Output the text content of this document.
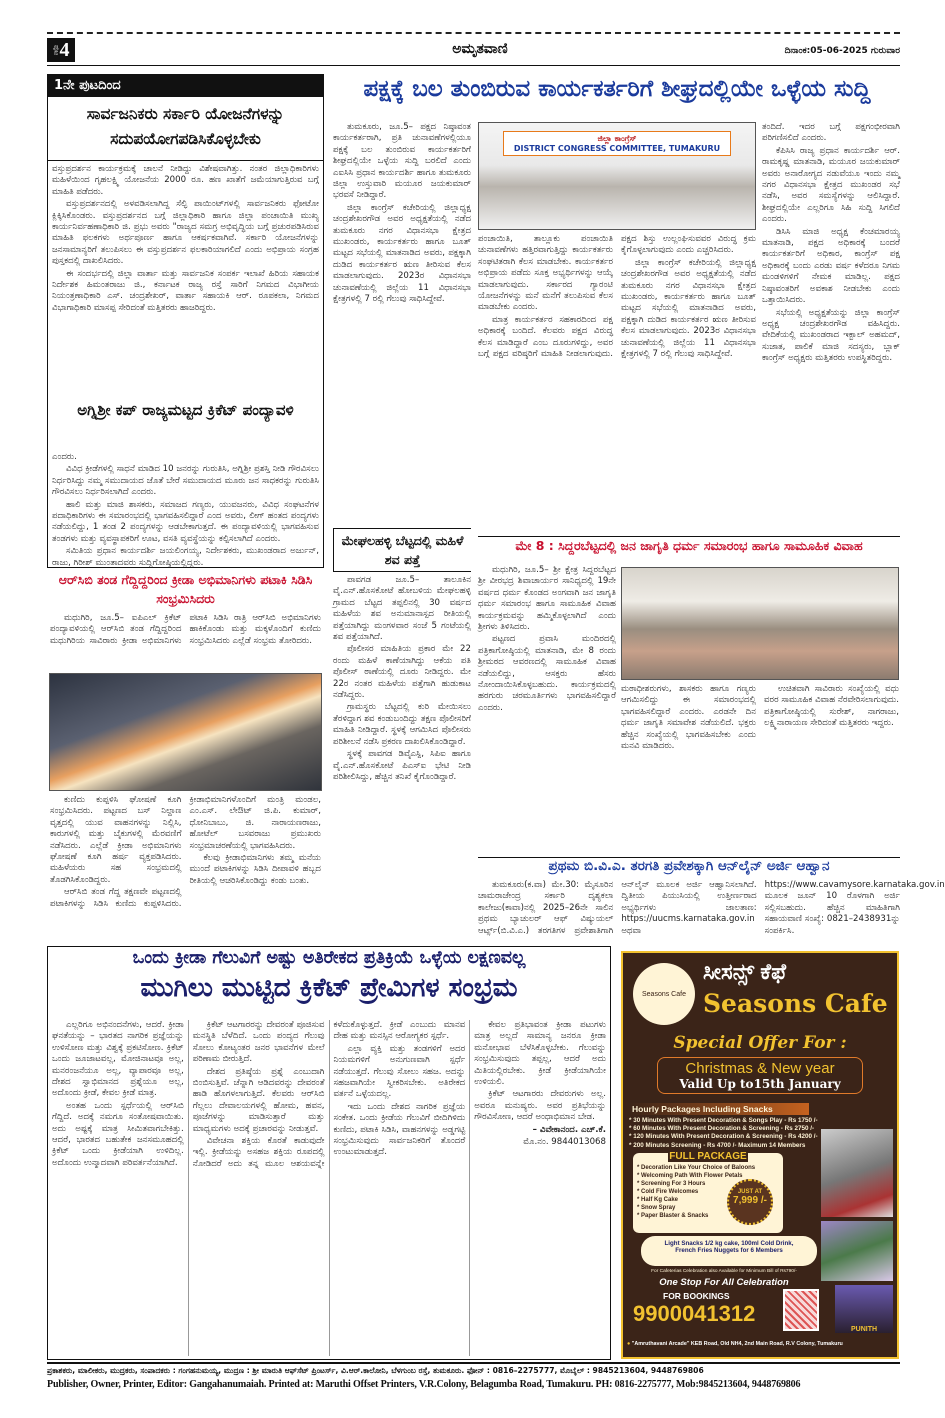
ಪುಟ 4	ಅಮೃತವಾಣಿ	ದಿನಾಂಕ:05-06-2025 ಗುರುವಾರ
1ನೇ ಪುಟದಿಂದ
ಸಾರ್ವಜನಿಕರು ಸರ್ಕಾರಿ ಯೋಜನೆಗಳನ್ನು ಸದುಪಯೋಗಪಡಿಸಿಕೊಳ್ಳಬೇಕು

ವಸ್ತುಪ್ರದರ್ಶನ ಕಾರ್ಯಕ್ರಮಕ್ಕೆ ಚಾಲನೆ ನೀಡಿದ್ದು ವಿಶೇಷವಾಗಿತ್ತು. ನಂತರ ಜಿಲ್ಲಾಧಿಕಾರಿಗಳು ಮಹಿಳೆಯಿಂದ ಗೃಹಲಕ್ಷ್ಮಿ ಯೋಜನೆಯ 2000 ರೂ. ಹಣ ಖಾತೆಗೆ ಜಮೆಯಾಗುತ್ತಿರುವ ಬಗ್ಗೆ ಮಾಹಿತಿ ಪಡೆದರು.

ವಸ್ತುಪ್ರದರ್ಶನದಲ್ಲಿ ಅಳವಡಿಸಲಾಗಿದ್ದ ಸೆಲ್ಫಿ ಪಾಯಿಂಟ್‌ಗಳಲ್ಲಿ ಸಾರ್ವಜನಿಕರು ಫೋಟೋ ಕ್ಲಿಕ್ಕಿಸಿಕೊಂಡರು. ವಸ್ತುಪ್ರದರ್ಶನದ ಬಗ್ಗೆ ಜಿಲ್ಲಾಧಿಕಾರಿ ಹಾಗೂ ಜಿಲ್ಲಾ ಪಂಚಾಯಿತಿ ಮುಖ್ಯ ಕಾರ್ಯನಿರ್ವಹಣಾಧಿಕಾರಿ ಜಿ. ಪ್ರಭು ಅವರು "ರಾಜ್ಯದ ಸಮಗ್ರ ಅಭಿವೃದ್ಧಿಯ ಬಗ್ಗೆ ಪ್ರಚುರಪಡಿಸಿರುವ ಮಾಹಿತಿ ಫಲಕಗಳು ಅರ್ಥಪೂರ್ಣ ಹಾಗೂ ಆಕರ್ಷಕವಾಗಿವೆ. ಸರ್ಕಾರಿ ಯೋಜನೆಗಳನ್ನು ಜನಸಾಮಾನ್ಯರಿಗೆ ತಲುಪಿಸಲು ಈ ವಸ್ತುಪ್ರದರ್ಶನ ಫಲಕಾರಿಯಾಗಲಿದೆ ಎಂದು ಅಭಿಪ್ರಾಯ ಸಂಗ್ರಹ ಪುಸ್ತಕದಲ್ಲಿ ದಾಖಲಿಸಿದರು.

ಈ ಸಂದರ್ಭದಲ್ಲಿ ಜಿಲ್ಲಾ ವಾರ್ತಾ ಮತ್ತು ಸಾರ್ವಜನಿಕ ಸಂಪರ್ಕ ಇಲಾಖೆ ಹಿರಿಯ ಸಹಾಯಕ ನಿರ್ದೇಶಕ ಹಿಮಂತರಾಜು ಜಿ., ಕರ್ನಾಟಕ ರಾಜ್ಯ ರಸ್ತೆ ಸಾರಿಗೆ ನಿಗಮದ ವಿಭಾಗೀಯ ನಿಯಂತ್ರಣಾಧಿಕಾರಿ ಎಸ್. ಚಂದ್ರಶೇಖರ್, ವಾರ್ತಾ ಸಹಾಯಕಿ ಆರ್. ರೂಪಕಲಾ, ನಿಗಮದ ವಿಭಾಗಾಧಿಕಾರಿ ಮಾಸಪ್ಪ ಸೇರಿದಂತೆ ಮತ್ತಿತರರು ಹಾಜರಿದ್ದರು.

ಅಗ್ನಿಶ್ರೀ ಕಪ್ ರಾಜ್ಯಮಟ್ಟದ ಕ್ರಿಕೆಟ್ ಪಂದ್ಯಾವಳಿ

ಎಂದರು.

ವಿವಿಧ ಕ್ರೀಡೆಗಳಲ್ಲಿ ಸಾಧನೆ ಮಾಡಿದ 10 ಜನರನ್ನು ಗುರುತಿಸಿ, ಅಗ್ನಿಶ್ರೀ ಪ್ರಶಸ್ತಿ ನೀಡಿ ಗೌರವಿಸಲು ನಿರ್ಧರಿಸಿದ್ದು ನಮ್ಮ ಸಮುದಾಯದ ಜೊತೆ ಬೇರೆ ಸಮುದಾಯದ ಮೂರು ಜನ ಸಾಧಕರನ್ನು ಗುರುತಿಸಿ ಗೌರವಿಸಲು ನಿರ್ಧರಿಸಲಾಗಿದೆ ಎಂದರು.

ಹಾಲಿ ಮತ್ತು ಮಾಜಿ ಶಾಸಕರು, ಸಮಾಜದ ಗಣ್ಯರು, ಯುವಜನರು, ವಿವಿಧ ಸಂಘಟನೆಗಳ ಪದಾಧಿಕಾರಿಗಳು ಈ ಸಮಾರಂಭದಲ್ಲಿ ಭಾಗವಹಿಸಲಿದ್ದಾರೆ ಎಂದ ಅವರು, ಲೀಗ್ ಹಂತದ ಪಂದ್ಯಗಳು ನಡೆಯಲಿದ್ದು, 1 ತಂಡ 2 ಪಂದ್ಯಗಳನ್ನು ಆಡಬೇಕಾಗುತ್ತದೆ. ಈ ಪಂದ್ಯಾವಳಿಯಲ್ಲಿ ಭಾಗವಹಿಸುವ ತಂಡಗಳು ಮತ್ತು ವ್ಯವಸ್ಥಾಪಕರಿಗೆ ಊಟ, ವಸತಿ ವ್ಯವಸ್ಥೆಯನ್ನು ಕಲ್ಪಿಸಲಾಗಿದೆ ಎಂದರು.

ಸಮಿತಿಯ ಪ್ರಧಾನ ಕಾರ್ಯದರ್ಶಿ ಜಯಲಿಂಗಯ್ಯ, ನಿರ್ದೇಶಕರು, ಮುಖಂಡರಾದ ಅರ್ಜುನ್, ರಾಜು, ಗಿರೀಶ್ ಮುಂತಾದವರು ಸುದ್ದಿಗೋಷ್ಠಿಯಲ್ಲಿದ್ದರು.

ಆರ್‌ಸಿಬಿ ತಂಡ ಗೆದ್ದಿದ್ದರಿಂದ ಕ್ರೀಡಾ ಅಭಿಮಾನಿಗಳು ಪಟಾಕಿ ಸಿಡಿಸಿ ಸಂಭ್ರಮಿಸಿದರು

ಮಧುಗಿರಿ, ಜೂ.5– ಐಪಿಎಲ್ ಕ್ರಿಕೆಟ್ ಪಂದ್ಯಾವಳಿಯಲ್ಲಿ ಆರ್‌ಸಿಬಿ ತಂಡ ಗೆದ್ದಿದ್ದರಿಂದ ಮಧುಗಿರಿಯ ಸಾವಿರಾರು ಕ್ರೀಡಾ ಅಭಿಮಾನಿಗಳು ಪಟಾಕಿ ಸಿಡಿಸಿ ರಾತ್ರಿ ಆರ್‌ಸಿಬಿ ಅಭಿಮಾನಿಗಳು ಹಾಕಿಕೊಂಡು ಮತ್ತು ಮಕ್ಕಳೊಂದಿಗೆ ಕುಣಿದು ಸಂಭ್ರಮಿಸಿದರು ಎಲ್ಲೆಡೆ ಸಂಭ್ರಮ ತೋರಿದರು.

ಕುಣಿದು ಕುಪ್ಪಳಿಸಿ ಘೋಷಣೆ ಕೂಗಿ ಸಂಭ್ರಮಿಸಿದರು. ಪಟ್ಟಣದ ಬಸ್ ನಿಲ್ದಾಣ ವೃತ್ತದಲ್ಲಿ ಯುವ ವಾಹನಗಳನ್ನು ನಿಲ್ಲಿಸಿ, ಕಾರುಗಳಲ್ಲಿ ಮತ್ತು ಬೈಕುಗಳಲ್ಲಿ ಮೆರವಣಿಗೆ ನಡೆಸಿದರು. ಎಲ್ಲೆಡೆ ಕ್ರೀಡಾ ಅಭಿಮಾನಿಗಳು ಘೋಷಣೆ ಕೂಗಿ ಹರ್ಷ ವ್ಯಕ್ತಪಡಿಸಿದರು. ಮಹಿಳೆಯರು ಸಹ ಸಂಭ್ರಮದಲ್ಲಿ ತೊಡಗಿಸಿಕೊಂಡಿದ್ದರು.

ಆರ್‌ಸಿಬಿ ತಂಡ ಗೆದ್ದ ತಕ್ಷಣವೇ ಪಟ್ಟಣದಲ್ಲಿ ಪಟಾಕಿಗಳನ್ನು ಸಿಡಿಸಿ ಕುಣಿದು ಕುಪ್ಪಳಿಸಿದರು. ಕ್ರೀಡಾಭಿಮಾನಿಗಳೊಂದಿಗೆ ಮಂತ್ರಿ ಮಂಡಲ, ಎಂ.ಎಸ್. ಲೇಔಟ್ ಜಿ.ಪಿ. ಕುಮಾರ್, ಧೋನಿಬಾಬು, ಜಿ. ನಾರಾಯಣರಾಜು, ಹೋಟೆಲ್ ಬಸವರಾಜು ಪ್ರಮುಖರು ಸಂಭ್ರಮಾಚರಣೆಯಲ್ಲಿ ಭಾಗವಹಿಸಿದರು.

ಕೆಲವು ಕ್ರೀಡಾಭಿಮಾನಿಗಳು ತಮ್ಮ ಮನೆಯ ಮುಂದೆ ಪಟಾಕಿಗಳನ್ನು ಸಿಡಿಸಿ ದೀಪಾವಳಿ ಹಬ್ಬದ ರೀತಿಯಲ್ಲಿ ಆಚರಿಸಿಕೊಂಡಿದ್ದು ಕಂಡು ಬಂತು.

ಪಕ್ಷಕ್ಕೆ ಬಲ ತುಂಬಿರುವ ಕಾರ್ಯಕರ್ತರಿಗೆ ಶೀಘ್ರದಲ್ಲಿಯೇ ಒಳ್ಳೆಯ ಸುದ್ದಿ

ತುಮಕೂರು, ಜೂ.5– ಪಕ್ಷದ ನಿಷ್ಠಾವಂತ ಕಾರ್ಯಕರ್ತರಾಗಿ, ಪ್ರತಿ ಚುನಾವಣೆಗಳಲ್ಲಿಯೂ ಪಕ್ಷಕ್ಕೆ ಬಲ ತುಂಬಿರುವ ಕಾರ್ಯಕರ್ತರಿಗೆ ಶೀಘ್ರದಲ್ಲಿಯೇ ಒಳ್ಳೆಯ ಸುದ್ದಿ ಬರಲಿದೆ ಎಂದು ಎಐಸಿಸಿ ಪ್ರಧಾನ ಕಾರ್ಯದರ್ಶಿ ಹಾಗೂ ತುಮಕೂರು ಜಿಲ್ಲಾ ಉಸ್ತುವಾರಿ ಮಯೂರ ಜಯಕುಮಾರ್ ಭರವಸೆ ನೀಡಿದ್ದಾರೆ.

ಜಿಲ್ಲಾ ಕಾಂಗ್ರೆಸ್ ಕಚೇರಿಯಲ್ಲಿ ಜಿಲ್ಲಾಧ್ಯಕ್ಷ ಚಂದ್ರಶೇಖರಗೌಡ ಅವರ ಅಧ್ಯಕ್ಷತೆಯಲ್ಲಿ ನಡೆದ ತುಮಕೂರು ನಗರ ವಿಧಾನಸಭಾ ಕ್ಷೇತ್ರದ ಮುಖಂಡರು, ಕಾರ್ಯಕರ್ತರು ಹಾಗೂ ಬೂತ್ ಮಟ್ಟದ ಸಭೆಯಲ್ಲಿ ಮಾತನಾಡಿದ ಅವರು, ಪಕ್ಷಕ್ಕಾಗಿ ದುಡಿದ ಕಾರ್ಯಕರ್ತರ ಋಣ ತೀರಿಸುವ ಕೆಲಸ ಮಾಡಲಾಗುವುದು. 2023ರ ವಿಧಾನಸಭಾ ಚುನಾವಣೆಯಲ್ಲಿ ಜಿಲ್ಲೆಯ 11 ವಿಧಾನಸಭಾ ಕ್ಷೇತ್ರಗಳಲ್ಲಿ 7 ರಲ್ಲಿ ಗೆಲುವು ಸಾಧಿಸಿದ್ದೇವೆ.

ಜಿಲ್ಲಾ ಕಾಂಗ್ರೆಸ್
DISTRICT CONGRESS COMMITTEE, TUMAKURU

ತಂದಿದೆ. ಇದರ ಬಗ್ಗೆ ಪಕ್ಷಗಂಭೀರವಾಗಿ ಪರಿಗಣಿಸಲಿದೆ ಎಂದರು.

ಕೆಪಿಸಿಸಿ ರಾಜ್ಯ ಪ್ರಧಾನ ಕಾರ್ಯದರ್ಶಿ ಆರ್. ರಾಮಕೃಷ್ಣ ಮಾತನಾಡಿ, ಮಯೂರ ಜಯಕುಮಾರ್ ಅವರು ಅನಾರೋಗ್ಯದ ನಡುವೆಯೂ ಇಂದು ನಮ್ಮ ನಗರ ವಿಧಾನಸಭಾ ಕ್ಷೇತ್ರದ ಮುಖಂಡರ ಸಭೆ ನಡೆಸಿ, ಅವರ ಸಮಸ್ಯೆಗಳನ್ನು ಆಲಿಸಿದ್ದಾರೆ. ಶೀಘ್ರದಲ್ಲಿಯೇ ಎಲ್ಲರಿಗೂ ಸಿಹಿ ಸುದ್ದಿ ಸಿಗಲಿದೆ ಎಂದರು.

ಡಿಸಿಸಿ ಮಾಜಿ ಅಧ್ಯಕ್ಷ ಕೆಂಚಮಾರಯ್ಯ ಮಾತನಾಡಿ, ಪಕ್ಷದ ಅಧಿಕಾರಕ್ಕೆ ಬಂದರೆ ಕಾರ್ಯಕರ್ತರಿಗೆ ಅಧಿಕಾರ, ಕಾಂಗ್ರೆಸ್ ಪಕ್ಷ ಅಧಿಕಾರಕ್ಕೆ ಬಂದು ಎರಡು ವರ್ಷ ಕಳೆದರೂ ನಿಗಮ ಮಂಡಳಿಗಳಿಗೆ ನೇಮಕ ಮಾಡಿಲ್ಲ. ಪಕ್ಷದ ನಿಷ್ಠಾವಂತರಿಗೆ ಅವಕಾಶ ನೀಡಬೇಕು ಎಂದು ಒತ್ತಾಯಿಸಿದರು.

ಸಭೆಯಲ್ಲಿ ಅಧ್ಯಕ್ಷತೆಯನ್ನು ಜಿಲ್ಲಾ ಕಾಂಗ್ರೆಸ್ ಅಧ್ಯಕ್ಷ ಚಂದ್ರಶೇಖರಗೌಡ ವಹಿಸಿದ್ದರು. ವೇದಿಕೆಯಲ್ಲಿ ಮುಖಂಡರಾದ ಇಕ್ಬಾಲ್ ಅಹಮದ್, ಸುಜಾತ, ಪಾಲಿಕೆ ಮಾಜಿ ಸದಸ್ಯರು, ಬ್ಲಾಕ್ ಕಾಂಗ್ರೆಸ್ ಅಧ್ಯಕ್ಷರು ಮತ್ತಿತರರು ಉಪಸ್ಥಿತರಿದ್ದರು.

ಪಂಚಾಯಿತಿ, ತಾಲ್ಲೂಕು ಪಂಚಾಯಿತಿ ಚುನಾವಣೆಗಳು ಹತ್ತಿರವಾಗುತ್ತಿದ್ದು ಕಾರ್ಯಕರ್ತರು ಸಂಘಟಿತರಾಗಿ ಕೆಲಸ ಮಾಡಬೇಕು. ಕಾರ್ಯಕರ್ತರ ಅಭಿಪ್ರಾಯ ಪಡೆದು ಸೂಕ್ತ ಅಭ್ಯರ್ಥಿಗಳನ್ನು ಆಯ್ಕೆ ಮಾಡಲಾಗುವುದು. ಸರ್ಕಾರದ ಗ್ಯಾರಂಟಿ ಯೋಜನೆಗಳನ್ನು ಮನೆ ಮನೆಗೆ ತಲುಪಿಸುವ ಕೆಲಸ ಮಾಡಬೇಕು ಎಂದರು.

ಮಾತ್ರ ಕಾರ್ಯಕರ್ತರ ಸಹಕಾರದಿಂದ ಪಕ್ಷ ಅಧಿಕಾರಕ್ಕೆ ಬಂದಿದೆ. ಕೆಲವರು ಪಕ್ಷದ ವಿರುದ್ಧ ಕೆಲಸ ಮಾಡಿದ್ದಾರೆ ಎಂಬ ದೂರುಗಳಿದ್ದು, ಅವರ ಬಗ್ಗೆ ಪಕ್ಷದ ವರಿಷ್ಠರಿಗೆ ಮಾಹಿತಿ ನೀಡಲಾಗುವುದು. ಪಕ್ಷದ ಶಿಸ್ತು ಉಲ್ಲಂಘಿಸುವವರ ವಿರುದ್ಧ ಕ್ರಮ ಕೈಗೊಳ್ಳಲಾಗುವುದು ಎಂದು ಎಚ್ಚರಿಸಿದರು.

ಜಿಲ್ಲಾ ಕಾಂಗ್ರೆಸ್ ಕಚೇರಿಯಲ್ಲಿ ಜಿಲ್ಲಾಧ್ಯಕ್ಷ ಚಂದ್ರಶೇಖರಗೌಡ ಅವರ ಅಧ್ಯಕ್ಷತೆಯಲ್ಲಿ ನಡೆದ ತುಮಕೂರು ನಗರ ವಿಧಾನಸಭಾ ಕ್ಷೇತ್ರದ ಮುಖಂಡರು, ಕಾರ್ಯಕರ್ತರು ಹಾಗೂ ಬೂತ್ ಮಟ್ಟದ ಸಭೆಯಲ್ಲಿ ಮಾತನಾಡಿದ ಅವರು, ಪಕ್ಷಕ್ಕಾಗಿ ದುಡಿದ ಕಾರ್ಯಕರ್ತರ ಋಣ ತೀರಿಸುವ ಕೆಲಸ ಮಾಡಲಾಗುವುದು. 2023ರ ವಿಧಾನಸಭಾ ಚುನಾವಣೆಯಲ್ಲಿ ಜಿಲ್ಲೆಯ 11 ವಿಧಾನಸಭಾ ಕ್ಷೇತ್ರಗಳಲ್ಲಿ 7 ರಲ್ಲಿ ಗೆಲುವು ಸಾಧಿಸಿದ್ದೇವೆ.

ಮೇಘಲಹಳ್ಳಿ ಬೆಟ್ಟದಲ್ಲಿ ಮಹಿಳೆ ಶವ ಪತ್ತೆ

ಪಾವಗಡ ಜೂ.5– ತಾಲೂಕಿನ ವೈ.ಎನ್.ಹೊಸಕೋಟೆ ಹೋಬಳಿಯ ಮೇಘಲಹಳ್ಳಿ ಗ್ರಾಮದ ಬೆಟ್ಟದ ತಪ್ಪಲಿನಲ್ಲಿ 30 ವರ್ಷದ ಮಹಿಳೆಯ ಶವ ಅನುಮಾನಾಸ್ಪದ ರೀತಿಯಲ್ಲಿ ಪತ್ತೆಯಾಗಿದ್ದು ಮಂಗಳವಾರ ಸಂಜೆ 5 ಗಂಟೆಯಲ್ಲಿ ಶವ ಪತ್ತೆಯಾಗಿದೆ.

ಪೊಲೀಸರ ಮಾಹಿತಿಯ ಪ್ರಕಾರ ಮೇ 22 ರಂದು ಮಹಿಳೆ ಕಾಣೆಯಾಗಿದ್ದು ಆಕೆಯ ಪತಿ ಪೊಲೀಸ್ ಠಾಣೆಯಲ್ಲಿ ದೂರು ನೀಡಿದ್ದರು. ಮೇ 22ರ ನಂತರ ಮಹಿಳೆಯ ಪತ್ತೆಗಾಗಿ ಹುಡುಕಾಟ ನಡೆಸಿದ್ದರು.

ಗ್ರಾಮಸ್ಥರು ಬೆಟ್ಟದಲ್ಲಿ ಕುರಿ ಮೇಯಿಸಲು ತೆರಳಿದ್ದಾಗ ಶವ ಕಂಡುಬಂದಿದ್ದು ತಕ್ಷಣ ಪೊಲೀಸರಿಗೆ ಮಾಹಿತಿ ನೀಡಿದ್ದಾರೆ. ಸ್ಥಳಕ್ಕೆ ಆಗಮಿಸಿದ ಪೊಲೀಸರು ಪರಿಶೀಲನೆ ನಡೆಸಿ ಪ್ರಕರಣ ದಾಖಲಿಸಿಕೊಂಡಿದ್ದಾರೆ.

ಸ್ಥಳಕ್ಕೆ ಪಾವಗಡ ಡಿವೈಎಸ್ಪಿ, ಸಿಪಿಐ ಹಾಗೂ ವೈ.ಎನ್.ಹೊಸಕೋಟೆ ಪಿಎಸ್ಐ ಭೇಟಿ ನೀಡಿ ಪರಿಶೀಲಿಸಿದ್ದು, ಹೆಚ್ಚಿನ ತನಿಖೆ ಕೈಗೊಂಡಿದ್ದಾರೆ.

ಮೇ 8 : ಸಿದ್ದರಬೆಟ್ಟದಲ್ಲಿ ಜನ ಜಾಗೃತಿ ಧರ್ಮ ಸಮಾರಂಭ ಹಾಗೂ ಸಾಮೂಹಿಕ ವಿವಾಹ

ಮಧುಗಿರಿ, ಜೂ.5– ಶ್ರೀ ಕ್ಷೇತ್ರ ಸಿದ್ದರಬೆಟ್ಟದ ಶ್ರೀ ವೀರಭದ್ರ ಶಿವಾಚಾರ್ಯರ ಸಾನಿಧ್ಯದಲ್ಲಿ 19ನೇ ವರ್ಷದ ಧರ್ಮ ಕೊಂಡದ ಅಂಗವಾಗಿ ಜನ ಜಾಗೃತಿ ಧರ್ಮ ಸಮಾರಂಭ ಹಾಗೂ ಸಾಮೂಹಿಕ ವಿವಾಹ ಕಾರ್ಯಕ್ರಮವನ್ನು ಹಮ್ಮಿಕೊಳ್ಳಲಾಗಿದೆ ಎಂದು ಶ್ರೀಗಳು ತಿಳಿಸಿದರು.

ಪಟ್ಟಣದ ಪ್ರವಾಸಿ ಮಂದಿರದಲ್ಲಿ ಪತ್ರಿಕಾಗೋಷ್ಠಿಯಲ್ಲಿ ಮಾತನಾಡಿ, ಮೇ 8 ರಂದು ಶ್ರೀಮಠದ ಆವರಣದಲ್ಲಿ ಸಾಮೂಹಿಕ ವಿವಾಹ ನಡೆಯಲಿದ್ದು, ಆಸಕ್ತರು ಹೆಸರು ನೋಂದಾಯಿಸಿಕೊಳ್ಳಬಹುದು. ಕಾರ್ಯಕ್ರಮದಲ್ಲಿ ಹರಗುರು ಚರಮೂರ್ತಿಗಳು ಭಾಗವಹಿಸಲಿದ್ದಾರೆ ಎಂದರು.

ಮಠಾಧೀಶರುಗಳು, ಶಾಸಕರು ಹಾಗೂ ಗಣ್ಯರು ಆಗಮಿಸಲಿದ್ದು ಈ ಸಮಾರಂಭದಲ್ಲಿ ಭಾಗವಹಿಸಲಿದ್ದಾರೆ ಎಂದರು. ಎರಡನೇ ದಿನ ಧರ್ಮ ಜಾಗೃತಿ ಸಮಾವೇಶ ನಡೆಯಲಿದೆ. ಭಕ್ತರು ಹೆಚ್ಚಿನ ಸಂಖ್ಯೆಯಲ್ಲಿ ಭಾಗವಹಿಸಬೇಕು ಎಂದು ಮನವಿ ಮಾಡಿದರು.

ಉಚಿತವಾಗಿ ಸಾವಿರಾರು ಸಂಖ್ಯೆಯಲ್ಲಿ ವಧು ವರರ ಸಾಮೂಹಿಕ ವಿವಾಹ ನೆರವೇರಿಸಲಾಗುವುದು. ಪತ್ರಿಕಾಗೋಷ್ಠಿಯಲ್ಲಿ ಸುರೇಶ್, ನಾಗರಾಜು, ಲಕ್ಷ್ಮಿನಾರಾಯಣ ಸೇರಿದಂತೆ ಮತ್ತಿತರರು ಇದ್ದರು.

ಪ್ರಥಮ ಬಿ.ವಿ.ಎ. ತರಗತಿ ಪ್ರವೇಶಕ್ಕಾಗಿ ಆನ್‌ಲೈನ್ ಅರ್ಜಿ ಆಹ್ವಾನ

ತುಮಕೂರು(ಕ.ವಾ) ಮೇ.30: ಮೈಸೂರಿನ ಚಾಮರಾಜೇಂದ್ರ ಸರ್ಕಾರಿ ದೃಶ್ಯಕಲಾ ಕಾಲೇಜು(ಕಾವಾ)ನಲ್ಲಿ 2025–26ನೇ ಸಾಲಿನ ಪ್ರಥಮ ಬ್ಯಾಚುಲರ್ ಆಫ್ ವಿಷ್ಯುಯಲ್ ಆರ್ಟ್ಸ್(ಬಿ.ವಿ.ಎ.) ತರಗತಿಗಳ ಪ್ರವೇಶಾತಿಗಾಗಿ ಆನ್‌ಲೈನ್ ಮೂಲಕ ಅರ್ಜಿ ಆಹ್ವಾನಿಸಲಾಗಿದೆ. ದ್ವಿತೀಯ ಪಿಯುಸಿಯಲ್ಲಿ ಉತ್ತೀರ್ಣರಾದ ಅಭ್ಯರ್ಥಿಗಳು ಜಾಲತಾಣ: https://uucms.karnataka.gov.in ಅಥವಾ https://www.cavamysore.karnataka.gov.in ಮೂಲಕ ಜೂನ್ 10 ರೊಳಗಾಗಿ ಅರ್ಜಿ ಸಲ್ಲಿಸಬಹುದು. ಹೆಚ್ಚಿನ ಮಾಹಿತಿಗಾಗಿ ಸಹಾಯವಾಣಿ ಸಂಖ್ಯೆ: 0821–2438931ನ್ನು ಸಂಪರ್ಕಿಸಿ.

ಒಂದು ಕ್ರೀಡಾ ಗೆಲುವಿಗೆ ಅಷ್ಟು ಅತಿರೇಕದ ಪ್ರತಿಕ್ರಿಯೆ ಒಳ್ಳೆಯ ಲಕ್ಷಣವಲ್ಲ
ಮುಗಿಲು ಮುಟ್ಟಿದ ಕ್ರಿಕೆಟ್ ಪ್ರೇಮಿಗಳ ಸಂಭ್ರಮ

ಎಲ್ಲರಿಗೂ ಅಭಿನಂದನೆಗಳು, ಆದರೆ. ಕ್ರೀಡಾ ಘನತೆಯನ್ನು – ಭಾರತದ ನಾಗರಿಕ ಪ್ರಜ್ಞೆಯನ್ನು ಉಳಿಸೋಣ ಮತ್ತು ವಿಶ್ವಕ್ಕೆ ಪ್ರಕಟಿಸೋಣ. ಕ್ರಿಕೆಟ್ ಒಂದು ಜೂಜಾಟವಲ್ಲ, ಮೋಜಿನಾಟವೂ ಅಲ್ಲ, ಮನರಂಜನೆಯೂ ಅಲ್ಲ, ವ್ಯಾಪಾರವೂ ಅಲ್ಲ, ದೇಶದ ಸ್ವಾಭಿಮಾನದ ಪ್ರಶ್ನೆಯೂ ಅಲ್ಲ, ಅದೊಂದು ಕ್ರೀಡೆ, ಕೇವಲ ಕ್ರೀಡೆ ಮಾತ್ರ.

ಅಂತಹ ಒಂದು ಸ್ಪರ್ಧೆಯಲ್ಲಿ ಆರ್‌ಸಿಬಿ ಗೆದ್ದಿದೆ. ಅದಕ್ಕೆ ನಮಗೂ ಸಂತೋಷವಾಯಿತು. ಅದು ಅಷ್ಟಕ್ಕೆ ಮಾತ್ರ ಸೀಮಿತವಾಗಬೇಕಿತ್ತು. ಆದರೆ, ಭಾರತದ ಬಹುತೇಕ ಜನಸಮೂಹದಲ್ಲಿ ಕ್ರಿಕೆಟ್ ಒಂದು ಕ್ರೀಡೆಯಾಗಿ ಉಳಿದಿಲ್ಲ. ಅದೊಂದು ಉನ್ಮಾದವಾಗಿ ಪರಿವರ್ತನೆಯಾಗಿದೆ.

ಕ್ರಿಕೆಟ್ ಆಟಗಾರರನ್ನು ದೇವರಂತೆ ಪೂಜಿಸುವ ಮನಸ್ಥಿತಿ ಬೆಳೆದಿದೆ. ಒಂದು ಪಂದ್ಯದ ಗೆಲುವು ಸೋಲು ಕೋಟ್ಯಂತರ ಜನರ ಭಾವನೆಗಳ ಮೇಲೆ ಪರಿಣಾಮ ಬೀರುತ್ತಿದೆ.

ದೇಶದ ಪ್ರತಿಷ್ಠೆಯ ಪ್ರಶ್ನೆ ಎಂಬುದಾಗಿ ಬಿಂಬಿಸುತ್ತಿವೆ. ಚೆನ್ನಾಗಿ ಆಡಿದವರನ್ನು ದೇವರಂತೆ ಹಾಡಿ ಹೊಗಳಲಾಗುತ್ತಿದೆ. ಕೆಲವರು ಆರ್‌ಸಿಬಿ ಗೆಲ್ಲಲು ದೇವಾಲಯಗಳಲ್ಲಿ ಹೋಮ, ಹವನ, ಪೂಜೆಗಳನ್ನು ಮಾಡಿಸುತ್ತಾರೆ ಮತ್ತು ಮಾಧ್ಯಮಗಳು ಅದಕ್ಕೆ ಪ್ರಚಾರವನ್ನು ನೀಡುತ್ತವೆ.

ವಿವೇಚನಾ ಶಕ್ತಿಯ ಕೊರತೆ ಕಾಡುವುದೇ ಇಲ್ಲಿ. ಕ್ರೀಡೆಯನ್ನು ಅಸಹಜ ಶಕ್ತಿಯ ರೂಪದಲ್ಲಿ ನೋಡಿದರೆ ಅದು ತನ್ನ ಮೂಲ ಆಶಯವನ್ನೇ ಕಳೆದುಕೊಳ್ಳುತ್ತದೆ. ಕ್ರೀಡೆ ಎಂಬುದು ಮಾನವ ದೇಹ ಮತ್ತು ಮನಸ್ಸಿನ ಆರೋಗ್ಯಕರ ಸ್ಪರ್ಧೆ.

ಎಲ್ಲಾ ವ್ಯಕ್ತಿ ಮತ್ತು ತಂಡಗಳಿಗೆ ಅದರ ನಿಯಮಗಳಿಗೆ ಅನುಗುಣವಾಗಿ ಸ್ಪರ್ಧೆ ನಡೆಯುತ್ತದೆ. ಗೆಲುವು ಸೋಲು ಸಹಜ. ಅದನ್ನು ಸಹಜವಾಗಿಯೇ ಸ್ವೀಕರಿಸಬೇಕು. ಅತಿರೇಕದ ವರ್ತನೆ ಒಳ್ಳೆಯದಲ್ಲ.

ಇದು ಒಂದು ದೇಶದ ನಾಗರಿಕ ಪ್ರಜ್ಞೆಯ ಸಂಕೇತ. ಒಂದು ಕ್ರೀಡೆಯ ಗೆಲುವಿಗೆ ಬೀದಿಗಿಳಿದು ಕುಣಿದು, ಪಟಾಕಿ ಸಿಡಿಸಿ, ವಾಹನಗಳನ್ನು ಅಡ್ಡಗಟ್ಟಿ ಸಂಭ್ರಮಿಸುವುದು ಸಾರ್ವಜನಿಕರಿಗೆ ತೊಂದರೆ ಉಂಟುಮಾಡುತ್ತದೆ.

ಕೇವಲ ಪ್ರತಿಭಾವಂತ ಕ್ರೀಡಾ ಪಟುಗಳು ಮಾತ್ರ ಅಲ್ಲದೆ ಸಾಮಾನ್ಯ ಜನರೂ ಕ್ರೀಡಾ ಮನೋಭಾವ ಬೆಳೆಸಿಕೊಳ್ಳಬೇಕು. ಗೆಲುವನ್ನು ಸಂಭ್ರಮಿಸುವುದು ತಪ್ಪಲ್ಲ, ಆದರೆ ಅದು ಮಿತಿಯಲ್ಲಿರಬೇಕು. ಕ್ರೀಡೆ ಕ್ರೀಡೆಯಾಗಿಯೇ ಉಳಿಯಲಿ.

ಕ್ರಿಕೆಟ್ ಆಟಗಾರರು ದೇವರುಗಳು ಅಲ್ಲ. ಅವರೂ ಮನುಷ್ಯರು. ಅವರ ಪ್ರತಿಭೆಯನ್ನು ಗೌರವಿಸೋಣ, ಆದರೆ ಅಂಧಾಭಿಮಾನ ಬೇಡ.

– ವಿವೇಕಾನಂದ. ಎಚ್.ಕೆ.

ಮೊ.ನಂ. 9844013068

Seasons Cafe
ಸೀಸನ್ಸ್ ಕೆಫೆ
Seasons Cafe
Special Offer For :
Christmas & New year
Valid Up to15th January
Hourly Packages Including Snacks
* 30 Minutes With Present Decoration & Songs Play - Rs 1750 /-
* 60 Minutes With Present Decoration & Screening - Rs 2750 /-
* 120 Minutes With Present Decoration & Screening - Rs 4200 /-
* 200 Minutes Screening - Rs 4700 /- Maximum 14 Members
FULL PACKAGE
* Decoration Like Your Choice of Baloons
* Welcoming Path With Flower Petals
* Screening For 3 Hours
* Cold Fire Welcomes
* Half Kg Cake
* Snow Spray
* Paper Blaster & Snacks
JUST AT
7,999 /-
Light Snacks 1/2 kg cake, 100ml Cold Drink, French Fries Nuggets for 6 Members
For Cafeterias Celebration also Available for Minimum Bill of Rs790/-
One Stop For All Celebration
FOR BOOKINGS
9900041312
PUNITH
● "Amruthavani Arcade" KEB Road, Old NH4, 2nd Main Road, R.V Colony, Tumakuru
ಪ್ರಕಾಶಕರು, ಮಾಲೀಕರು, ಮುದ್ರಕರು, ಸಂಪಾದಕರು : ಗಂಗಹನುಮಯ್ಯ, ಮುದ್ರಣ : ಶ್ರೀ ಮಾರುತಿ ಆಫ್‌ಸೆಟ್ ಪ್ರಿಂಟರ್ಸ್, ವಿ.ಆರ್.ಕಾಲೋನಿ, ಬೆಳಗುಂಬ ರಸ್ತೆ, ತುಮಕೂರು. ಫೋನ್ : 0816–2275777, ಮೊಬೈಲ್ : 9845213604, 9448769806
Publisher, Owner, Printer, Editor: Gangahanumaiah. Printed at: Maruthi Offset Printers, V.R.Colony, Belagumba Road, Tumakuru. PH: 0816-2275777, Mob:9845213604, 9448769806
